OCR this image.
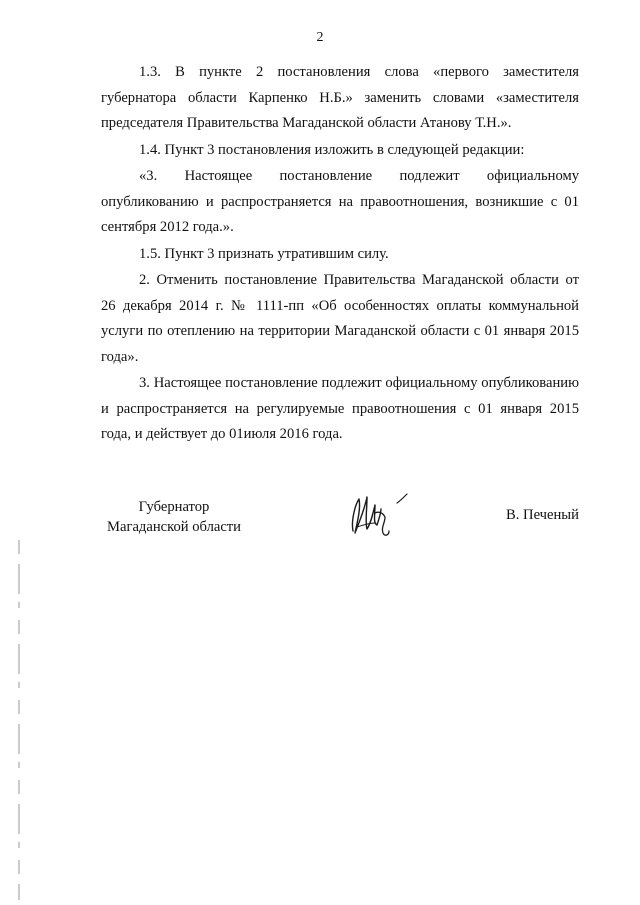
2

1.3. В пункте 2 постановления слова «первого заместителя губернатора области Карпенко Н.Б.» заменить словами «заместителя председателя Правительства Магаданской области Атанову Т.Н.».

1.4. Пункт 3 постановления изложить в следующей редакции:

«3. Настоящее постановление подлежит официальному опубликованию и распространяется на правоотношения, возникшие с 01 сентября 2012 года.».

1.5. Пункт 3 признать утратившим силу.

2. Отменить постановление Правительства Магаданской области от 26 декабря 2014 г. № 1111-пп «Об особенностях оплаты коммунальной услуги по отеплению на территории Магаданской области с 01 января 2015 года».

3. Настоящее постановление подлежит официальному опубликованию и распространяется на регулируемые правоотношения с 01 января 2015 года, и действует до 01июля 2016 года.

Губернатор
Магаданской области
В. Печеный
